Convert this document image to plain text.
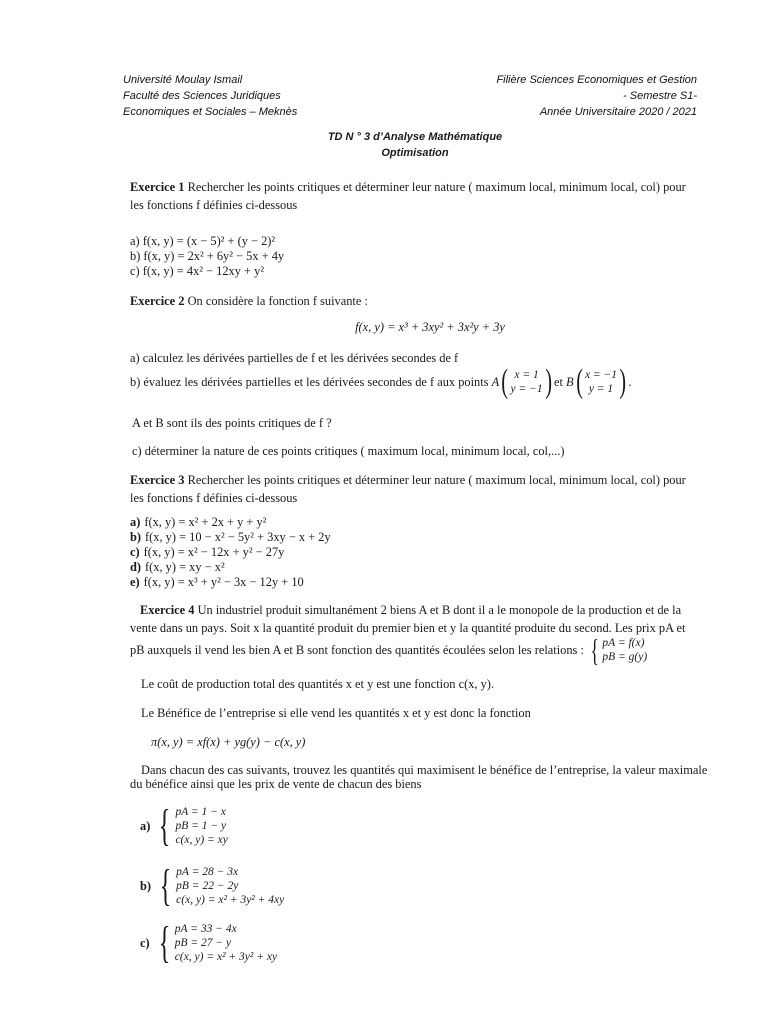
Université Moulay Ismail
Faculté des Sciences Juridiques
Economiques et Sociales – Meknès
Filière Sciences Economiques et Gestion
- Semestre S1-
Année Universitaire 2020 / 2021
TD N ° 3 d’Analyse Mathématique
Optimisation
Exercice 1 Rechercher les points critiques et déterminer leur nature ( maximum local, minimum local, col) pour
les fonctions f définies ci-dessous
a) f(x, y) = (x − 5)² + (y − 2)²
b) f(x, y) = 2x² + 6y² − 5x + 4y
c) f(x, y) = 4x² − 12xy + y²
Exercice 2 On considère la fonction f suivante :
f(x, y) = x³ + 3xy² + 3x²y + 3y
a) calculez les dérivées partielles de f et les dérivées secondes de f
b) évaluez les dérivées partielles et les dérivées secondes de f aux points
A ( x = 1
y = −1 ) et
B ( x = −1
y = 1 ) .
A et B sont ils des points critiques de f ?
c) déterminer la nature de ces points critiques ( maximum local, minimum local, col,...)
Exercice 3 Rechercher les points critiques et déterminer leur nature ( maximum local, minimum local, col) pour
les fonctions f définies ci-dessous
a) f(x, y) = x² + 2x + y + y²
b) f(x, y) = 10 − x² − 5y² + 3xy − x + 2y
c) f(x, y) = x² − 12x + y² − 27y
d) f(x, y) = xy − x²
e) f(x, y) = x³ + y² − 3x − 12y + 10
Exercice 4 Un industriel produit simultanément 2 biens A et B dont il a le monopole de la production et de la
vente dans un pays. Soit x la quantité produit du premier bien et y la quantité produite du second. Les prix pA et
pB auxquels il vend les bien A et B sont fonction des quantités écoulées selon les relations :
{ pA = f(x)
pB = g(y)
Le coût de production total des quantités x et y est une fonction c(x, y).
Le Bénéfice de l’entreprise si elle vend les quantités x et y est donc la fonction
π(x, y) = xf(x) + yg(y) − c(x, y)
Dans chacun des cas suivants, trouvez les quantités qui maximisent le bénéfice de l’entreprise, la valeur maximale
du bénéfice ainsi que les prix de vente de chacun des biens
a) { pA = 1 − x
pB = 1 − y
c(x, y) = xy
b) { pA = 28 − 3x
pB = 22 − 2y
c(x, y) = x² + 3y² + 4xy
c) { pA = 33 − 4x
pB = 27 − y
c(x, y) = x² + 3y² + xy
